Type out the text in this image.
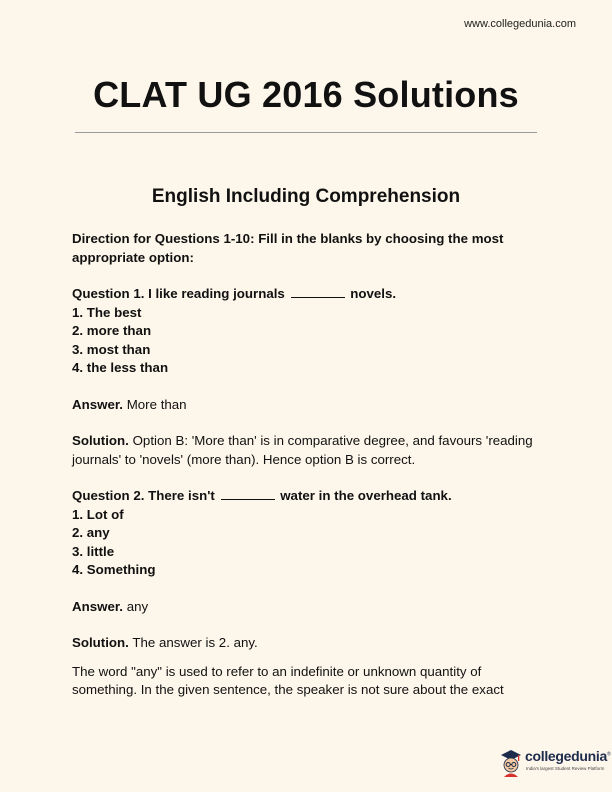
www.collegedunia.com
CLAT UG 2016 Solutions
English Including Comprehension

Direction for Questions 1-10: Fill in the blanks by choosing the most appropriate option:

Question 1. I like reading journals	novels.

1. The best

2. more than

3. most than

4. the less than

Answer. More than

Solution. Option B: 'More than' is in comparative degree, and favours 'reading journals' to 'novels' (more than). Hence option B is correct.

Question 2. There isn't	water in the overhead tank.

1. Lot of

2. any

3. little

4. Something

Answer. any

Solution. The answer is 2. any.

The word "any" is used to refer to an indefinite or unknown quantity of something. In the given sentence, the speaker is not sure about the exact

collegedunia®
India's largest Student Review Platform
